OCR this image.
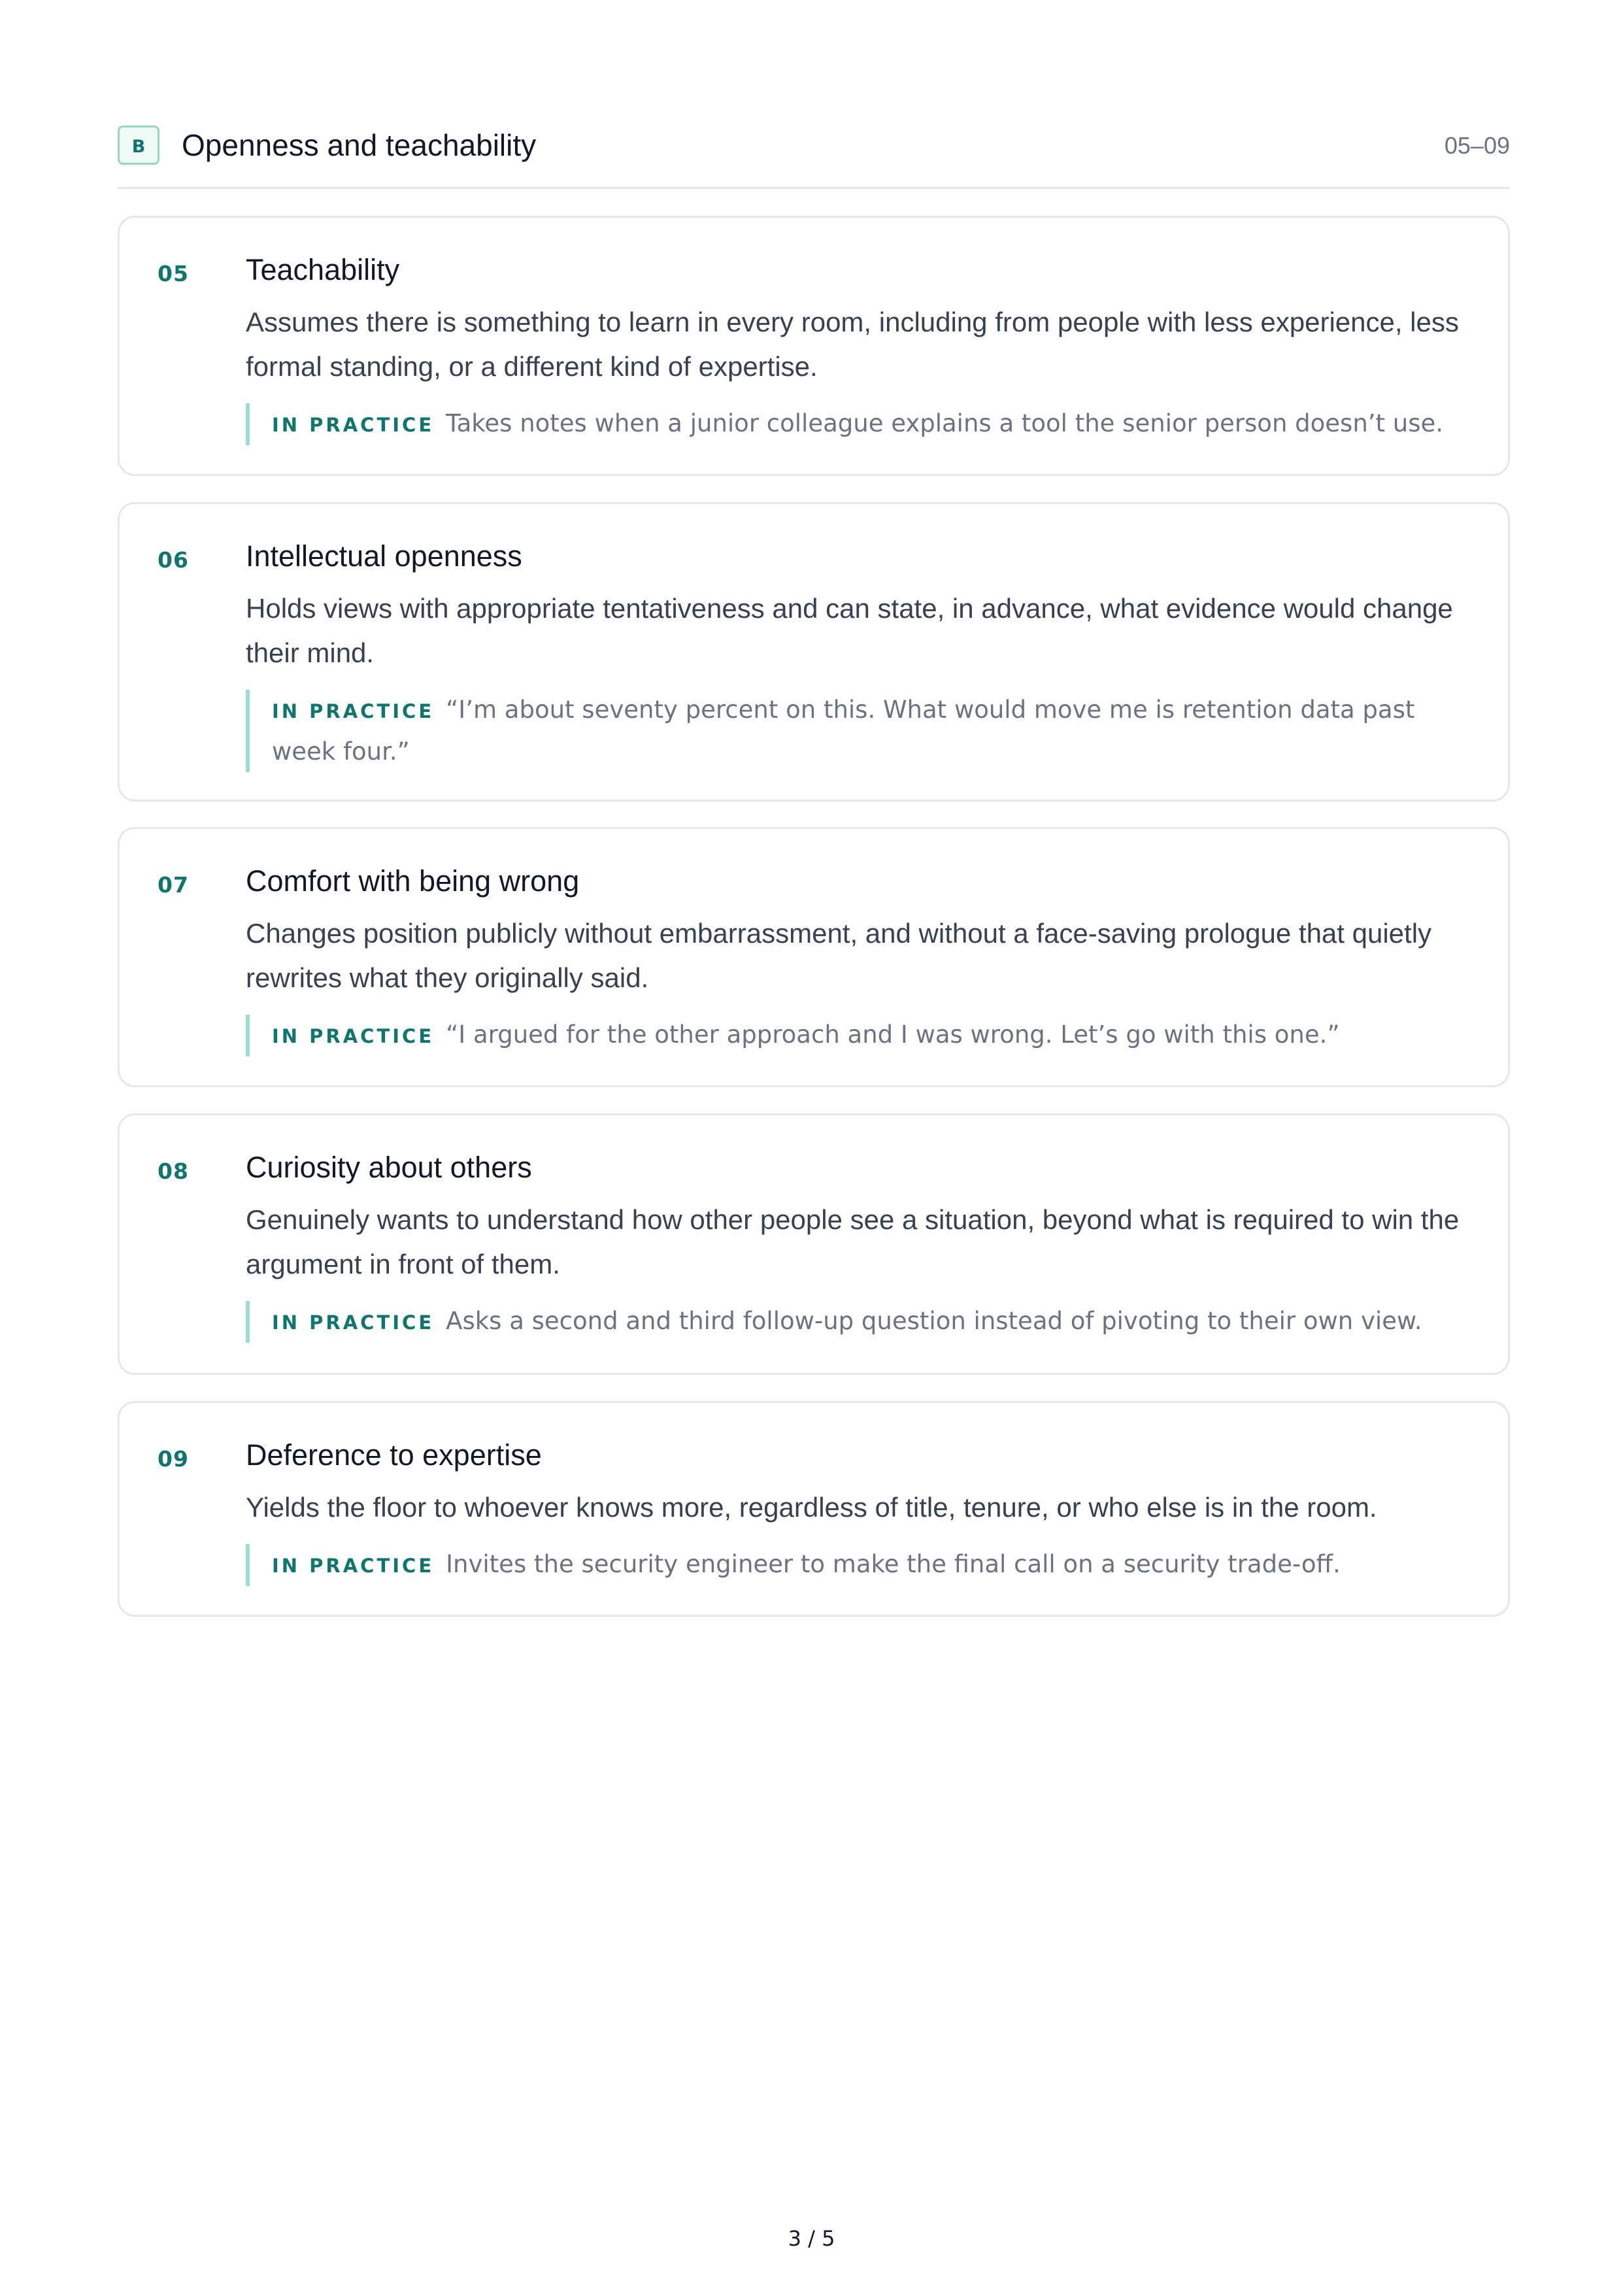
B	Openness and teachability	05–09
05 Teachability
Assumes there is something to learn in every room, including from people with less experience, less formal standing, or a different kind of expertise.
IN PRACTICE Takes notes when a junior colleague explains a tool the senior person doesn’t use.
06 Intellectual openness
Holds views with appropriate tentativeness and can state, in advance, what evidence would change their mind.
IN PRACTICE “I’m about seventy percent on this. What would move me is retention data past week four.”
07 Comfort with being wrong
Changes position publicly without embarrassment, and without a face-saving prologue that quietly rewrites what they originally said.
IN PRACTICE “I argued for the other approach and I was wrong. Let’s go with this one.”
08 Curiosity about others
Genuinely wants to understand how other people see a situation, beyond what is required to win the argument in front of them.
IN PRACTICE Asks a second and third follow-up question instead of pivoting to their own view.
09 Deference to expertise
Yields the floor to whoever knows more, regardless of title, tenure, or who else is in the room.
IN PRACTICE Invites the security engineer to make the final call on a security trade-off.
3 / 5
